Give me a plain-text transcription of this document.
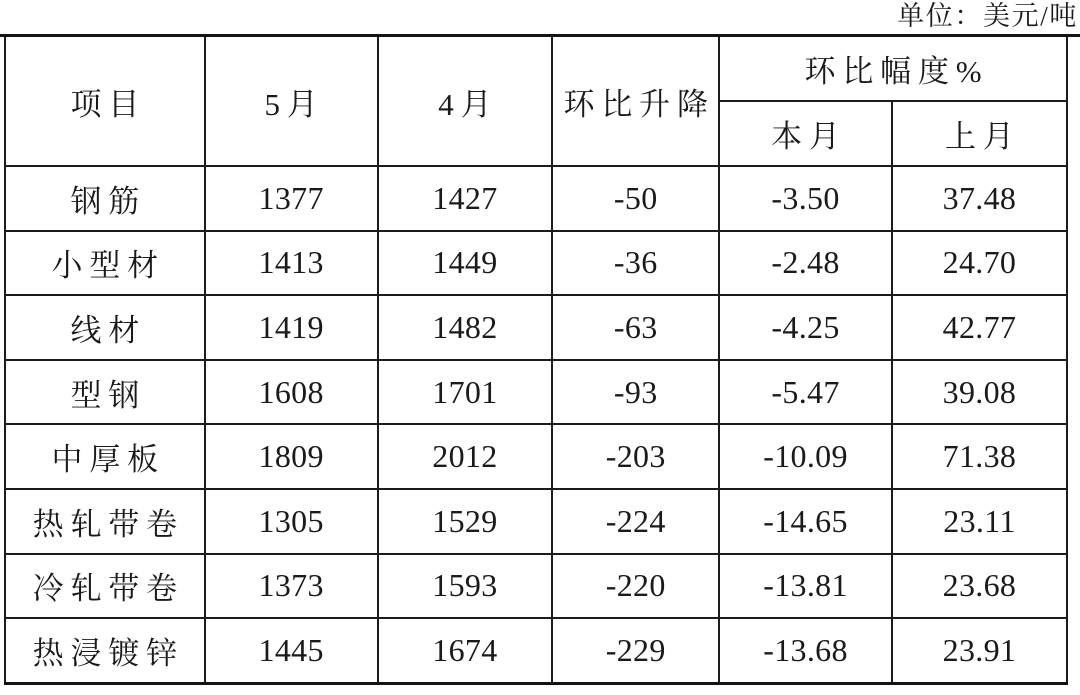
单位：美元/吨
项目	5月	4月	环比升降	环比幅度%	
				本月	上月
钢筋	1377	1427	-50	-3.50	37.48
小型材	1413	1449	-36	-2.48	24.70
线材	1419	1482	-63	-4.25	42.77
型钢	1608	1701	-93	-5.47	39.08
中厚板	1809	2012	-203	-10.09	71.38
热轧带卷	1305	1529	-224	-14.65	23.11
冷轧带卷	1373	1593	-220	-13.81	23.68
热浸镀锌	1445	1674	-229	-13.68	23.91
